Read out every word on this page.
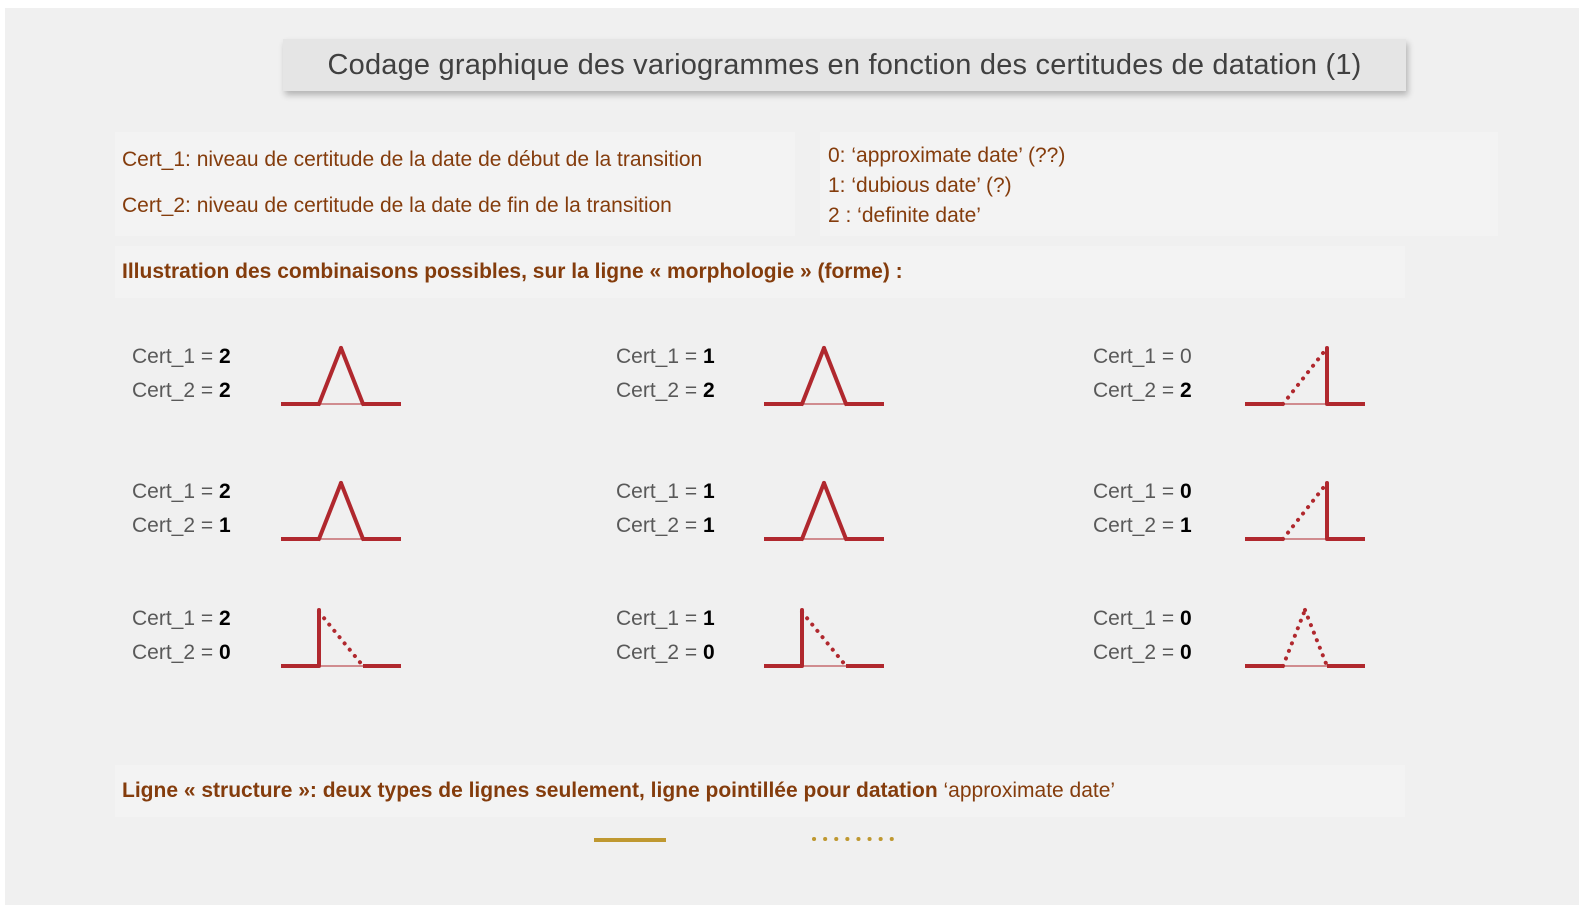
Codage graphique des variogrammes en fonction des certitudes de datation (1)
Cert_1: niveau de certitude de la date de début de la transition
Cert_2: niveau de certitude de la date de fin de la transition
0: ‘approximate date’ (??)
1: ‘dubious date’ (?)
2 : ‘definite date’
Illustration des combinaisons possibles, sur la ligne « morphologie » (forme) :
Cert_1 = 2
Cert_2 = 2
Cert_1 = 1
Cert_2 = 2
Cert_1 = 0
Cert_2 = 2
Cert_1 = 2
Cert_2 = 1
Cert_1 = 1
Cert_2 = 1
Cert_1 = 0
Cert_2 = 1
Cert_1 = 2
Cert_2 = 0
Cert_1 = 1
Cert_2 = 0
Cert_1 = 0
Cert_2 = 0
Ligne « structure »: deux types de lignes seulement, ligne pointillée pour datation ‘approximate date’
